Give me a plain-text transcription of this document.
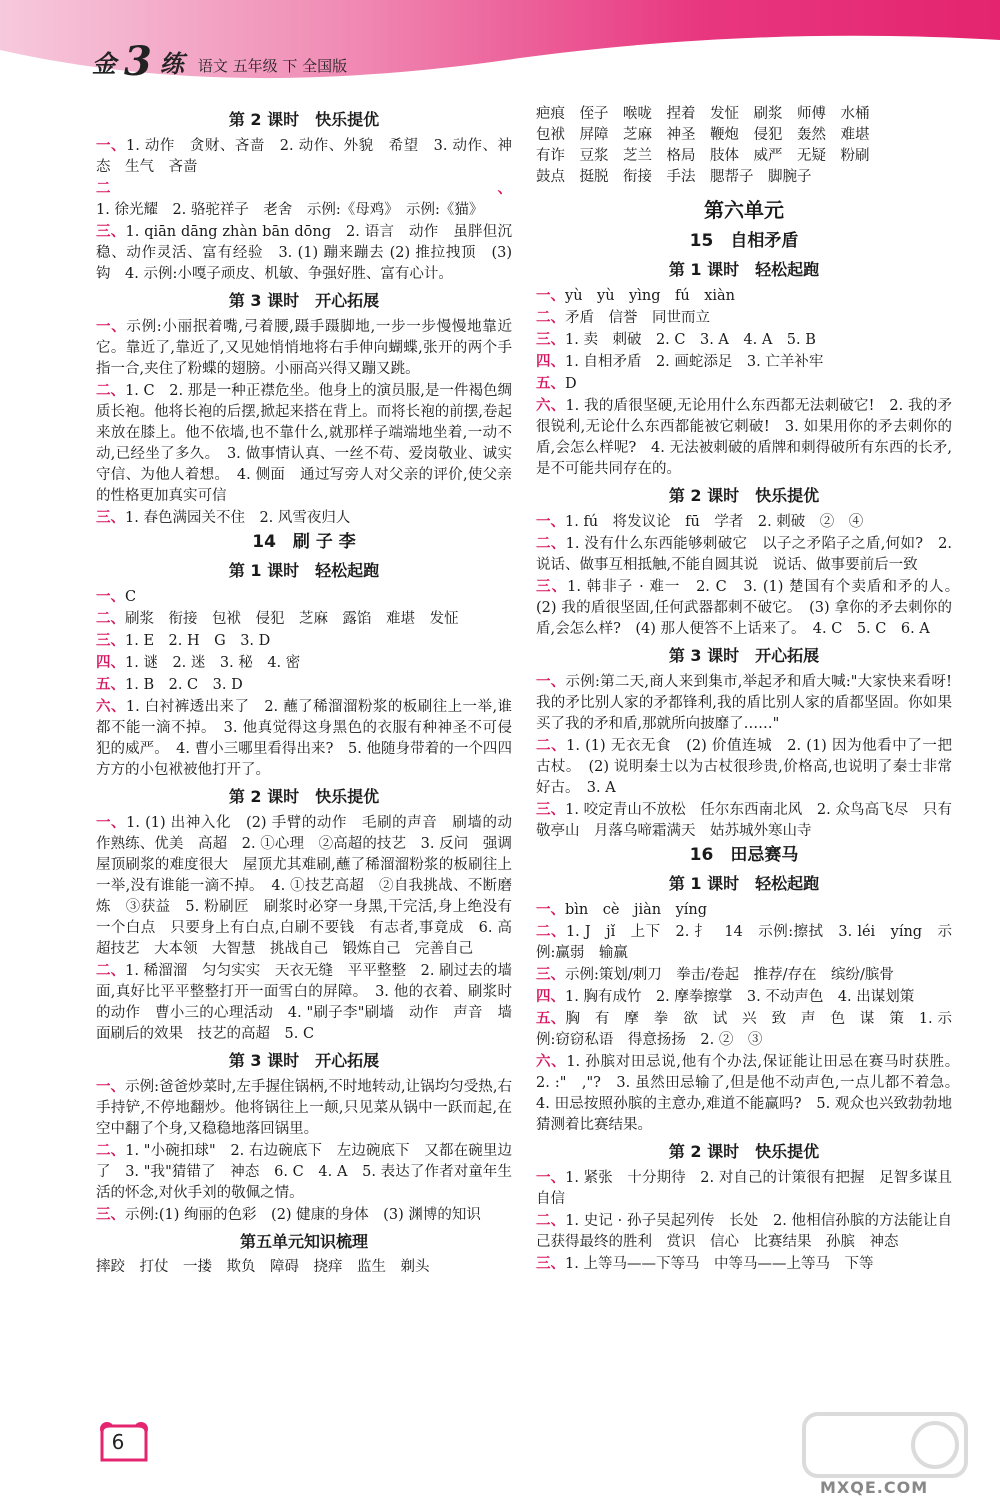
金 3 练 语文 五年级 下 全国版
第 2 课时　快乐提优
一、1. 动作　贪财、吝啬　2. 动作、外貌　希望　3. 动作、神态　生气　吝啬
二、1. 徐光耀　2. 骆驼祥子　老舍　示例:《母鸡》　示例:《猫》
三、1. qiān dāng zhàn bān dōng　2. 语言　动作　虽胖但沉稳、动作灵活、富有经验　3. (1) 蹦来蹦去 (2) 推拉拽顶　(3) 钩　4. 示例:小嘎子顽皮、机敏、争强好胜、富有心计。
第 3 课时　开心拓展
一、示例:小丽抿着嘴,弓着腰,蹑手蹑脚地,一步一步慢慢地靠近它。靠近了,靠近了,又见她悄悄地将右手伸向蝴蝶,张开的两个手指一合,夹住了粉蝶的翅膀。小丽高兴得又蹦又跳。
二、1. C　2. 那是一种正襟危坐。他身上的演员服,是一件褐色绸质长袍。他将长袍的后摆,掀起来搭在背上。而将长袍的前摆,卷起来放在膝上。他不依墙,也不靠什么,就那样子端端地坐着,一动不动,已经坐了多久。　3. 做事情认真、一丝不苟、爱岗敬业、诚实守信、为他人着想。　4. 侧面　通过写旁人对父亲的评价,使父亲的性格更加真实可信
三、1. 春色满园关不住　2. 风雪夜归人
14　刷 子 李
第 1 课时　轻松起跑
一、C
二、刷浆　衔接　包袱　侵犯　芝麻　露馅　难堪　发怔
三、1. E　2. H　G　3. D
四、1. 谜　2. 迷　3. 秘　4. 密
五、1. B　2. C　3. D
六、1. 白衬裤透出来了　2. 蘸了稀溜溜粉浆的板刷往上一举,谁都不能一滴不掉。　3. 他真觉得这身黑色的衣服有种神圣不可侵犯的威严。　4. 曹小三哪里看得出来?　5. 他随身带着的一个四四方方的小包袱被他打开了。
第 2 课时　快乐提优
一、1. (1) 出神入化　(2) 手臂的动作　毛刷的声音　刷墙的动作熟练、优美　高超　2. ①心理　②高超的技艺　3. 反问　强调屋顶刷浆的难度很大　屋顶尤其难刷,蘸了稀溜溜粉浆的板刷往上一举,没有谁能一滴不掉。　4. ①技艺高超　②自我挑战、不断磨炼　③获益　5. 粉刷匠　刷浆时必穿一身黑,干完活,身上绝没有一个白点　只要身上有白点,白刷不要钱　有志者,事竟成　6. 高超技艺　大本领　大智慧　挑战自己　锻炼自己　完善自己
二、1. 稀溜溜　匀匀实实　天衣无缝　平平整整　2. 刷过去的墙面,真好比平平整整打开一面雪白的屏障。　3. 他的衣着、刷浆时的动作　曹小三的心理活动　4. "刷子李"刷墙　动作　声音　墙面刷后的效果　技艺的高超　5. C
第 3 课时　开心拓展
一、示例:爸爸炒菜时,左手握住锅柄,不时地转动,让锅均匀受热,右手持铲,不停地翻炒。他将锅往上一颠,只见菜从锅中一跃而起,在空中翻了个身,又稳稳地落回锅里。
二、1. "小碗扣球"　2. 右边碗底下　左边碗底下　又都在碗里边了　3. "我"猜错了　神态　6. C　4. A　5. 表达了作者对童年生活的怀念,对伙手刘的敬佩之情。
三、示例:(1) 绚丽的色彩　(2) 健康的身体　(3) 渊博的知识
第五单元知识梳理
摔跤　打仗　一搂　欺负　障碍　挠痒　监生　剃头
疤痕　侄子　喉咙　捏着　发怔　刷浆　师傅　水桶
包袱　屏障　芝麻　神圣　鞭炮　侵犯　轰然　难堪
有诈　豆浆　芝兰　格局　肢体　威严　无疑　粉刷
鼓点　挺脱　衔接　手法　腮帮子　脚腕子
第六单元
15　自相矛盾
第 1 课时　轻松起跑
一、yù　yù　yìng　fú　xiàn
二、矛盾　信誉　同世而立
三、1. 卖　刺破　2. C　3. A　4. A　5. B
四、1. 自相矛盾　2. 画蛇添足　3. 亡羊补牢
五、D
六、1. 我的盾很坚硬,无论用什么东西都无法刺破它!　2. 我的矛很锐利,无论什么东西都能被它刺破!　3. 如果用你的矛去刺你的盾,会怎么样呢?　4. 无法被刺破的盾牌和刺得破所有东西的长矛,是不可能共同存在的。
第 2 课时　快乐提优
一、1. fú　将发议论　fū　学者　2. 刺破　②　④
二、1. 没有什么东西能够刺破它　以子之矛陷子之盾,何如?　2. 说话、做事互相抵触,不能自圆其说　说话、做事要前后一致
三、1. 韩非子 · 难一　2. C　3. (1) 楚国有个卖盾和矛的人。　(2) 我的盾很坚固,任何武器都刺不破它。　(3) 拿你的矛去刺你的盾,会怎么样?　(4) 那人便答不上话来了。　4. C　5. C　6. A
第 3 课时　开心拓展
一、示例:第二天,商人来到集市,举起矛和盾大喊:"大家快来看呀!我的矛比别人家的矛都锋利,我的盾比别人家的盾都坚固。你如果买了我的矛和盾,那就所向披靡了……"
二、1. (1) 无衣无食　(2) 价值连城　2. (1) 因为他看中了一把古杖。　(2) 说明秦士以为古杖很珍贵,价格高,也说明了秦士非常好古。　3. A
三、1. 咬定青山不放松　任尔东西南北风　2. 众鸟高飞尽　只有敬亭山　月落乌啼霜满天　姑苏城外寒山寺
16　田忌赛马
第 1 课时　轻松起跑
一、bìn　cè　jiàn　yíng
二、1. J　jǐ　上下　2. 扌　14　示例:擦拭　3. léi　yíng　示例:赢弱　输赢
三、示例:策划/刺刀　拳击/卷起　推荐/存在　缤纷/膑骨
四、1. 胸有成竹　2. 摩拳擦掌　3. 不动声色　4. 出谋划策
五、胸　有　摩　拳　欲　试　兴　致　声　色　谋　策　1. 示例:窃窃私语　得意扬扬　2. ②　③
六、1. 孙膑对田忌说,他有个办法,保证能让田忌在赛马时获胜。　2. :"　,"?　3. 虽然田忌输了,但是他不动声色,一点儿都不着急。　4. 田忌按照孙膑的主意办,难道不能赢吗?　5. 观众也兴致勃勃地猜测着比赛结果。
第 2 课时　快乐提优
一、1. 紧张　十分期待　2. 对自己的计策很有把握　足智多谋且自信
二、1. 史记 · 孙子吴起列传　长处　2. 他相信孙膑的方法能让自己获得最终的胜利　赏识　信心　比赛结果　孙膑　神态
三、1. 上等马——下等马　中等马——上等马　下等
6
MXQE.COM
